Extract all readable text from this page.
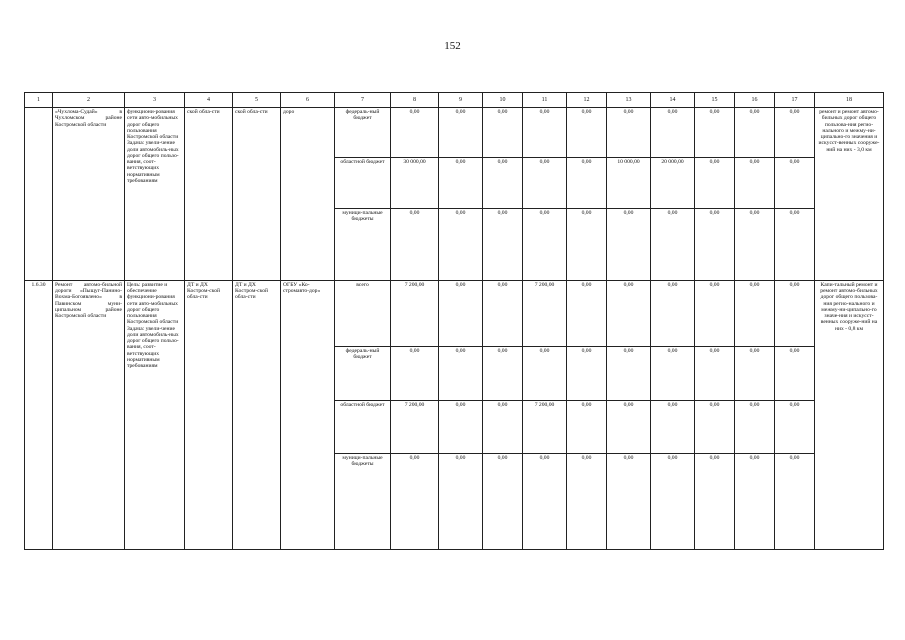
152
1	2	3	4	5	6	7	8	9	10	11	12	13	14	15	16	17	18
	«Чухлома-Судай» в Чухломском районе Костромской области	функциони-рования сети авто-мобильных дорог общего пользования Костромской области Задача: увели-чение доли автомобиль-ных дорог общего пользо-вания, соот-ветствующих нормативным требованиям	ской обла-сти	ской обла-сти	доро	федераль-ный бюджет	0,00	0,00	0,00	0,00	0,00	0,00	0,00	0,00	0,00	0,00	ремонт и ремонт автомо-бильных дорог общего пользова-ния регио-нального и межму-ни-ципально-го значения и искусст-венных сооруже-ний на них - 3,0 км
						областной бюджет	30 000,00	0,00	0,00	0,00	0,00	10 000,00	20 000,00	0,00	0,00	0,00	
						муници-пальные бюджеты	0,00	0,00	0,00	0,00	0,00	0,00	0,00	0,00	0,00	0,00	
1.6.30	Ремонт автомо-бильной дороги «Пыщуг-Панино-Вохма-Богоявлено» в Павинском муни-ципальном районе Костромской области	Цель: развитие и обеспечение функциони-рования сети авто-мобильных дорог общего пользования Костромской области Задача: увели-чение доли автомобиль-ных дорог общего пользо-вания, соот-ветствующих нормативным требованиям	ДТ и ДХ Костром-ской обла-сти	ДТ и ДХ Костром-ской обла-сти	ОГБУ «Ко-стромавто-дор»	всего	7 200,00	0,00	0,00	7 200,00	0,00	0,00	0,00	0,00	0,00	0,00	Капи-тальный ремонт и ремонт автомо-бильных дорог общего пользова-ния регио-нального и межму-ни-ципально-го значе-ния и искусст-венных сооруже-ний на них - 0,8 км
						федераль-ный бюджет	0,00	0,00	0,00	0,00	0,00	0,00	0,00	0,00	0,00	0,00	
						областной бюджет	7 200,00	0,00	0,00	7 200,00	0,00	0,00	0,00	0,00	0,00	0,00	
						муници-пальные бюджеты	0,00	0,00	0,00	0,00	0,00	0,00	0,00	0,00	0,00	0,00	
